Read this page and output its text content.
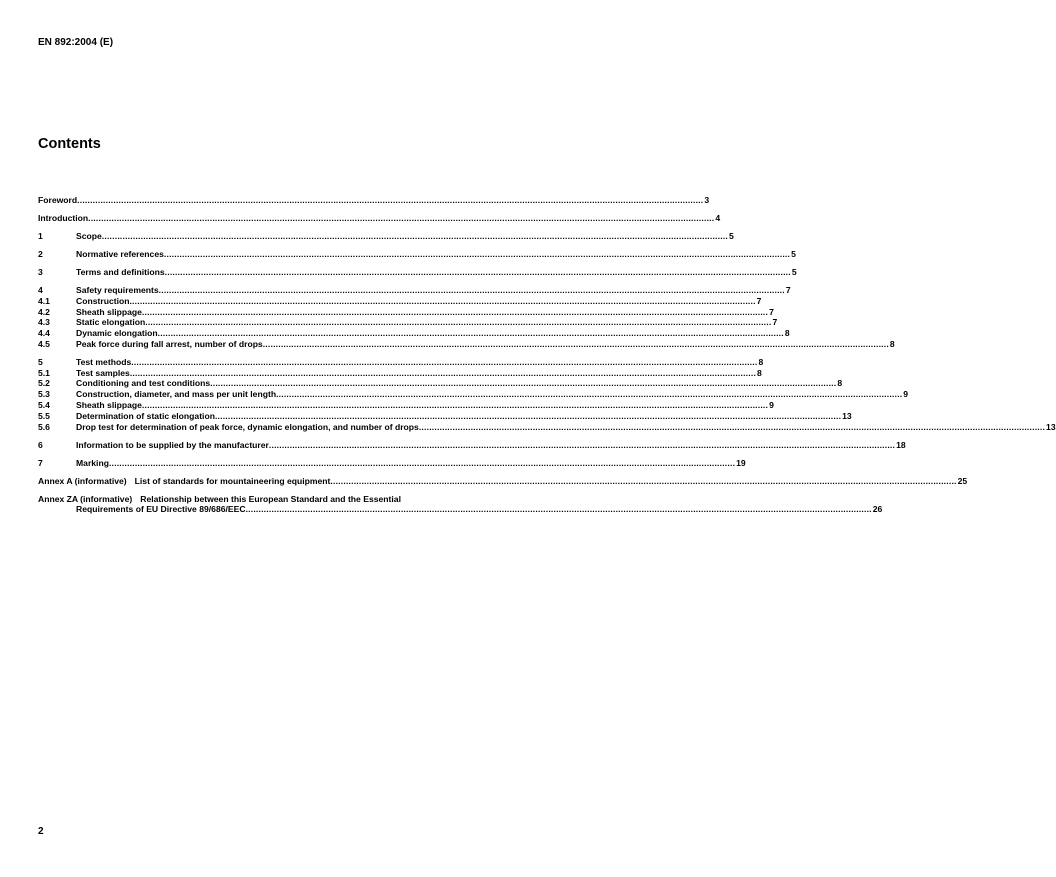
EN 892:2004 (E)
Contents
Foreword .....	3
Introduction .....	4
1	Scope .....	5
2	Normative references .....	5
3	Terms and definitions .....	5
4	Safety requirements .....	7
4.1	Construction .....	7
4.2	Sheath slippage .....	7
4.3	Static elongation .....	7
4.4	Dynamic elongation .....	8
4.5	Peak force during fall arrest, number of drops .....	8
5	Test methods .....	8
5.1	Test samples .....	8
5.2	Conditioning and test conditions .....	8
5.3	Construction, diameter, and mass per unit length .....	9
5.4	Sheath slippage .....	9
5.5	Determination of static elongation .....	13
5.6	Drop test for determination of peak force, dynamic elongation, and number of drops .....	13
6	Information to be supplied by the manufacturer .....	18
7	Marking .....	19
Annex A (informative) List of standards for mountaineering equipment .....	25
Annex ZA (informative) Relationship between this European Standard and the Essential
Requirements of EU Directive 89/686/EEC .....	26
2
